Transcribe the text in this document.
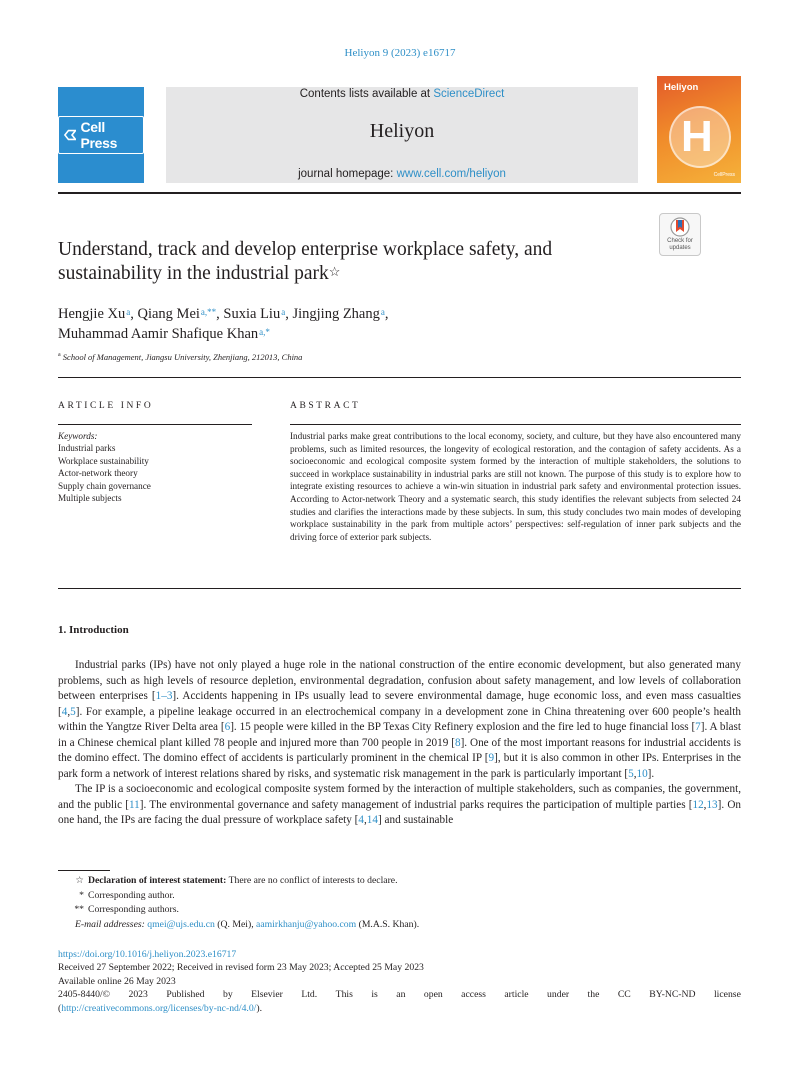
Heliyon 9 (2023) e16717
Cell Press
Contents lists available at ScienceDirect
Heliyon
journal homepage: www.cell.com/heliyon
Heliyon
H
CellPress
Check for
updates
Understand, track and develop enterprise workplace safety, and sustainability in the industrial park☆
Hengjie Xu$^a$, Qiang Mei$^{a,**}$, Suxia Liu$^a$, Jingjing Zhang$^a$,
Muhammad Aamir Shafique Khan$^{a,*}$
$^a$ School of Management, Jiangsu University, Zhenjiang, 212013, China
ARTICLE INFO	ABSTRACT
Keywords:
Industrial parks
Workplace sustainability
Actor-network theory
Supply chain governance
Multiple subjects
Industrial parks make great contributions to the local economy, society, and culture, but they have also encountered many problems, such as limited resources, the longevity of ecological restoration, and the contagion of safety accidents. As a socioeconomic and ecological composite system formed by the interaction of multiple stakeholders, the solutions to succeed in workplace sustainability in industrial parks are still not known. The purpose of this study is to explore how to integrate existing resources to achieve a win-win situation in industrial park safety and environmental protection issues. According to Actor-network Theory and a systematic search, this study identifies the relevant subjects from selected 24 studies and clarifies the interactions made by these subjects. In sum, this study concludes two main modes of developing workplace sustainability in the park from multiple actors’ perspectives: self-regulation of inner park subjects and the driving force of exterior park subjects.
1. Introduction

Industrial parks (IPs) have not only played a huge role in the national construction of the entire economic development, but also generated many problems, such as high levels of resource depletion, environmental degradation, confusion about safety management, and low levels of collaboration between enterprises [1–3]. Accidents happening in IPs usually lead to severe environmental damage, huge economic loss, and even mass casualties [4,5]. For example, a pipeline leakage occurred in an electrochemical company in a development zone in China threatening over 600 people’s health within the Yangtze River Delta area [6]. 15 people were killed in the BP Texas City Refinery explosion and the fire led to huge financial loss [7]. A blast in a Chinese chemical plant killed 78 people and injured more than 700 people in 2019 [8]. One of the most important reasons for industrial accidents is the domino effect. The domino effect of accidents is particularly prominent in the chemical IP [9], but it is also common in other IPs. Enterprises in the park form a network of interest relations shared by risks, and systematic risk management in the park is particularly important [5,10].

The IP is a socioeconomic and ecological composite system formed by the interaction of multiple stakeholders, such as companies, the government, and the public [11]. The environmental governance and safety management of industrial parks requires the participation of multiple parties [12,13]. On one hand, the IPs are facing the dual pressure of workplace safety [4,14] and sustainable

☆ Declaration of interest statement: There are no conflict of interests to declare.
* Corresponding author.
** Corresponding authors.
E-mail addresses: qmei@ujs.edu.cn (Q. Mei), aamirkhanju@yahoo.com (M.A.S. Khan).
https://doi.org/10.1016/j.heliyon.2023.e16717
Received 27 September 2022; Received in revised form 23 May 2023; Accepted 25 May 2023
Available online 26 May 2023
2405-8440/© 2023 Published by Elsevier Ltd. This is an open access article under the CC BY-NC-ND license
(http://creativecommons.org/licenses/by-nc-nd/4.0/).
